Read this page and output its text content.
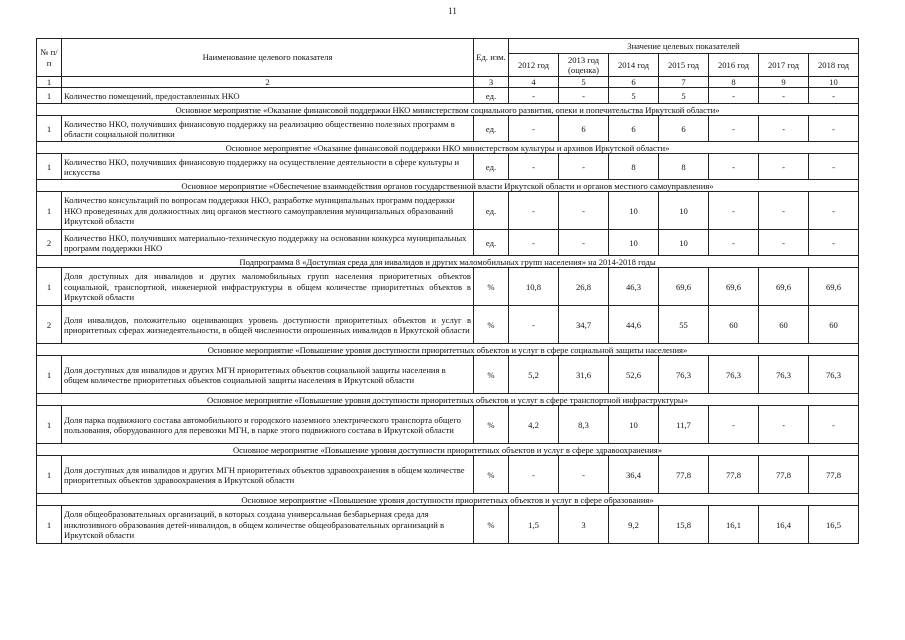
11
№ п/п	Наименование целевого показателя	Ед. изм.	Значение целевых показателей						
			2012 год	2013 год (оценка)	2014 год	2015 год	2016 год	2017 год	2018 год
1	2	3	4	5	6	7	8	9	10
1	Количество помещений, предоставленных НКО	ед.	-	-	5	5	-	-	-
Основное мероприятие «Оказание финансовой поддержки НКО министерством социального развития, опеки и попечительства Иркутской области»									
1	Количество НКО, получивших финансовую поддержку на реализацию общественно полезных программ в области социальной политики	ед.	-	6	6	6	-	-	-
Основное мероприятие «Оказание финансовой поддержки НКО министерством культуры и архивов Иркутской области»									
1	Количество НКО, получивших финансовую поддержку на осуществление деятельности в сфере культуры и искусства	ед.	-	-	8	8	-	-	-
Основное мероприятие «Обеспечение взаимодействия органов государственной власти Иркутской области и органов местного самоуправления»									
1	Количество консультаций по вопросам поддержки НКО, разработке муниципальных программ поддержки НКО проведенных для должностных лиц органов местного самоуправления муниципальных образований Иркутской области	ед.	-	-	10	10	-	-	-
2	Количество НКО, получивших материально-техническую поддержку на основании конкурса муниципальных программ поддержки НКО	ед.	-	-	10	10	-	-	-
Подпрограмма 8 «Доступная среда для инвалидов и других маломобильных групп населения» на 2014-2018 годы									
1	Доля доступных для инвалидов и других маломобильных групп населения приоритетных объектов социальной, транспортной, инженерной инфраструктуры в общем количестве приоритетных объектов в Иркутской области	%	10,8	26,8	46,3	69,6	69,6	69,6	69,6
2	Доля инвалидов, положительно оценивающих уровень доступности приоритетных объектов и услуг в приоритетных сферах жизнедеятельности, в общей численности опрошенных инвалидов в Иркутской области	%	-	34,7	44,6	55	60	60	60
Основное мероприятие «Повышение уровня доступности приоритетных объектов и услуг в сфере социальной защиты населения»									
1	Доля доступных для инвалидов и других МГН приоритетных объектов социальной защиты населения в общем количестве приоритетных объектов социальной защиты населения в Иркутской области	%	5,2	31,6	52,6	76,3	76,3	76,3	76,3
Основное мероприятие «Повышение уровня доступности приоритетных объектов и услуг в сфере транспортной инфраструктуры»									
1	Доля парка подвижного состава автомобильного и городского наземного электрического транспорта общего пользования, оборудованного для перевозки МГН, в парке этого подвижного состава в Иркутской области	%	4,2	8,3	10	11,7	-	-	-
Основное мероприятие «Повышение уровня доступности приоритетных объектов и услуг в сфере здравоохранения»									
1	Доля доступных для инвалидов и других МГН приоритетных объектов здравоохранения в общем количестве приоритетных объектов здравоохранения в Иркутской области	%	-	-	36,4	77,8	77,8	77,8	77,8
Основное мероприятие «Повышение уровня доступности приоритетных объектов и услуг в сфере образования»									
1	Доля общеобразовательных организаций, в которых создана универсальная безбарьерная среда для инклюзивного образования детей-инвалидов, в общем количестве общеобразовательных организаций в Иркутской области	%	1,5	3	9,2	15,8	16,1	16,4	16,5
